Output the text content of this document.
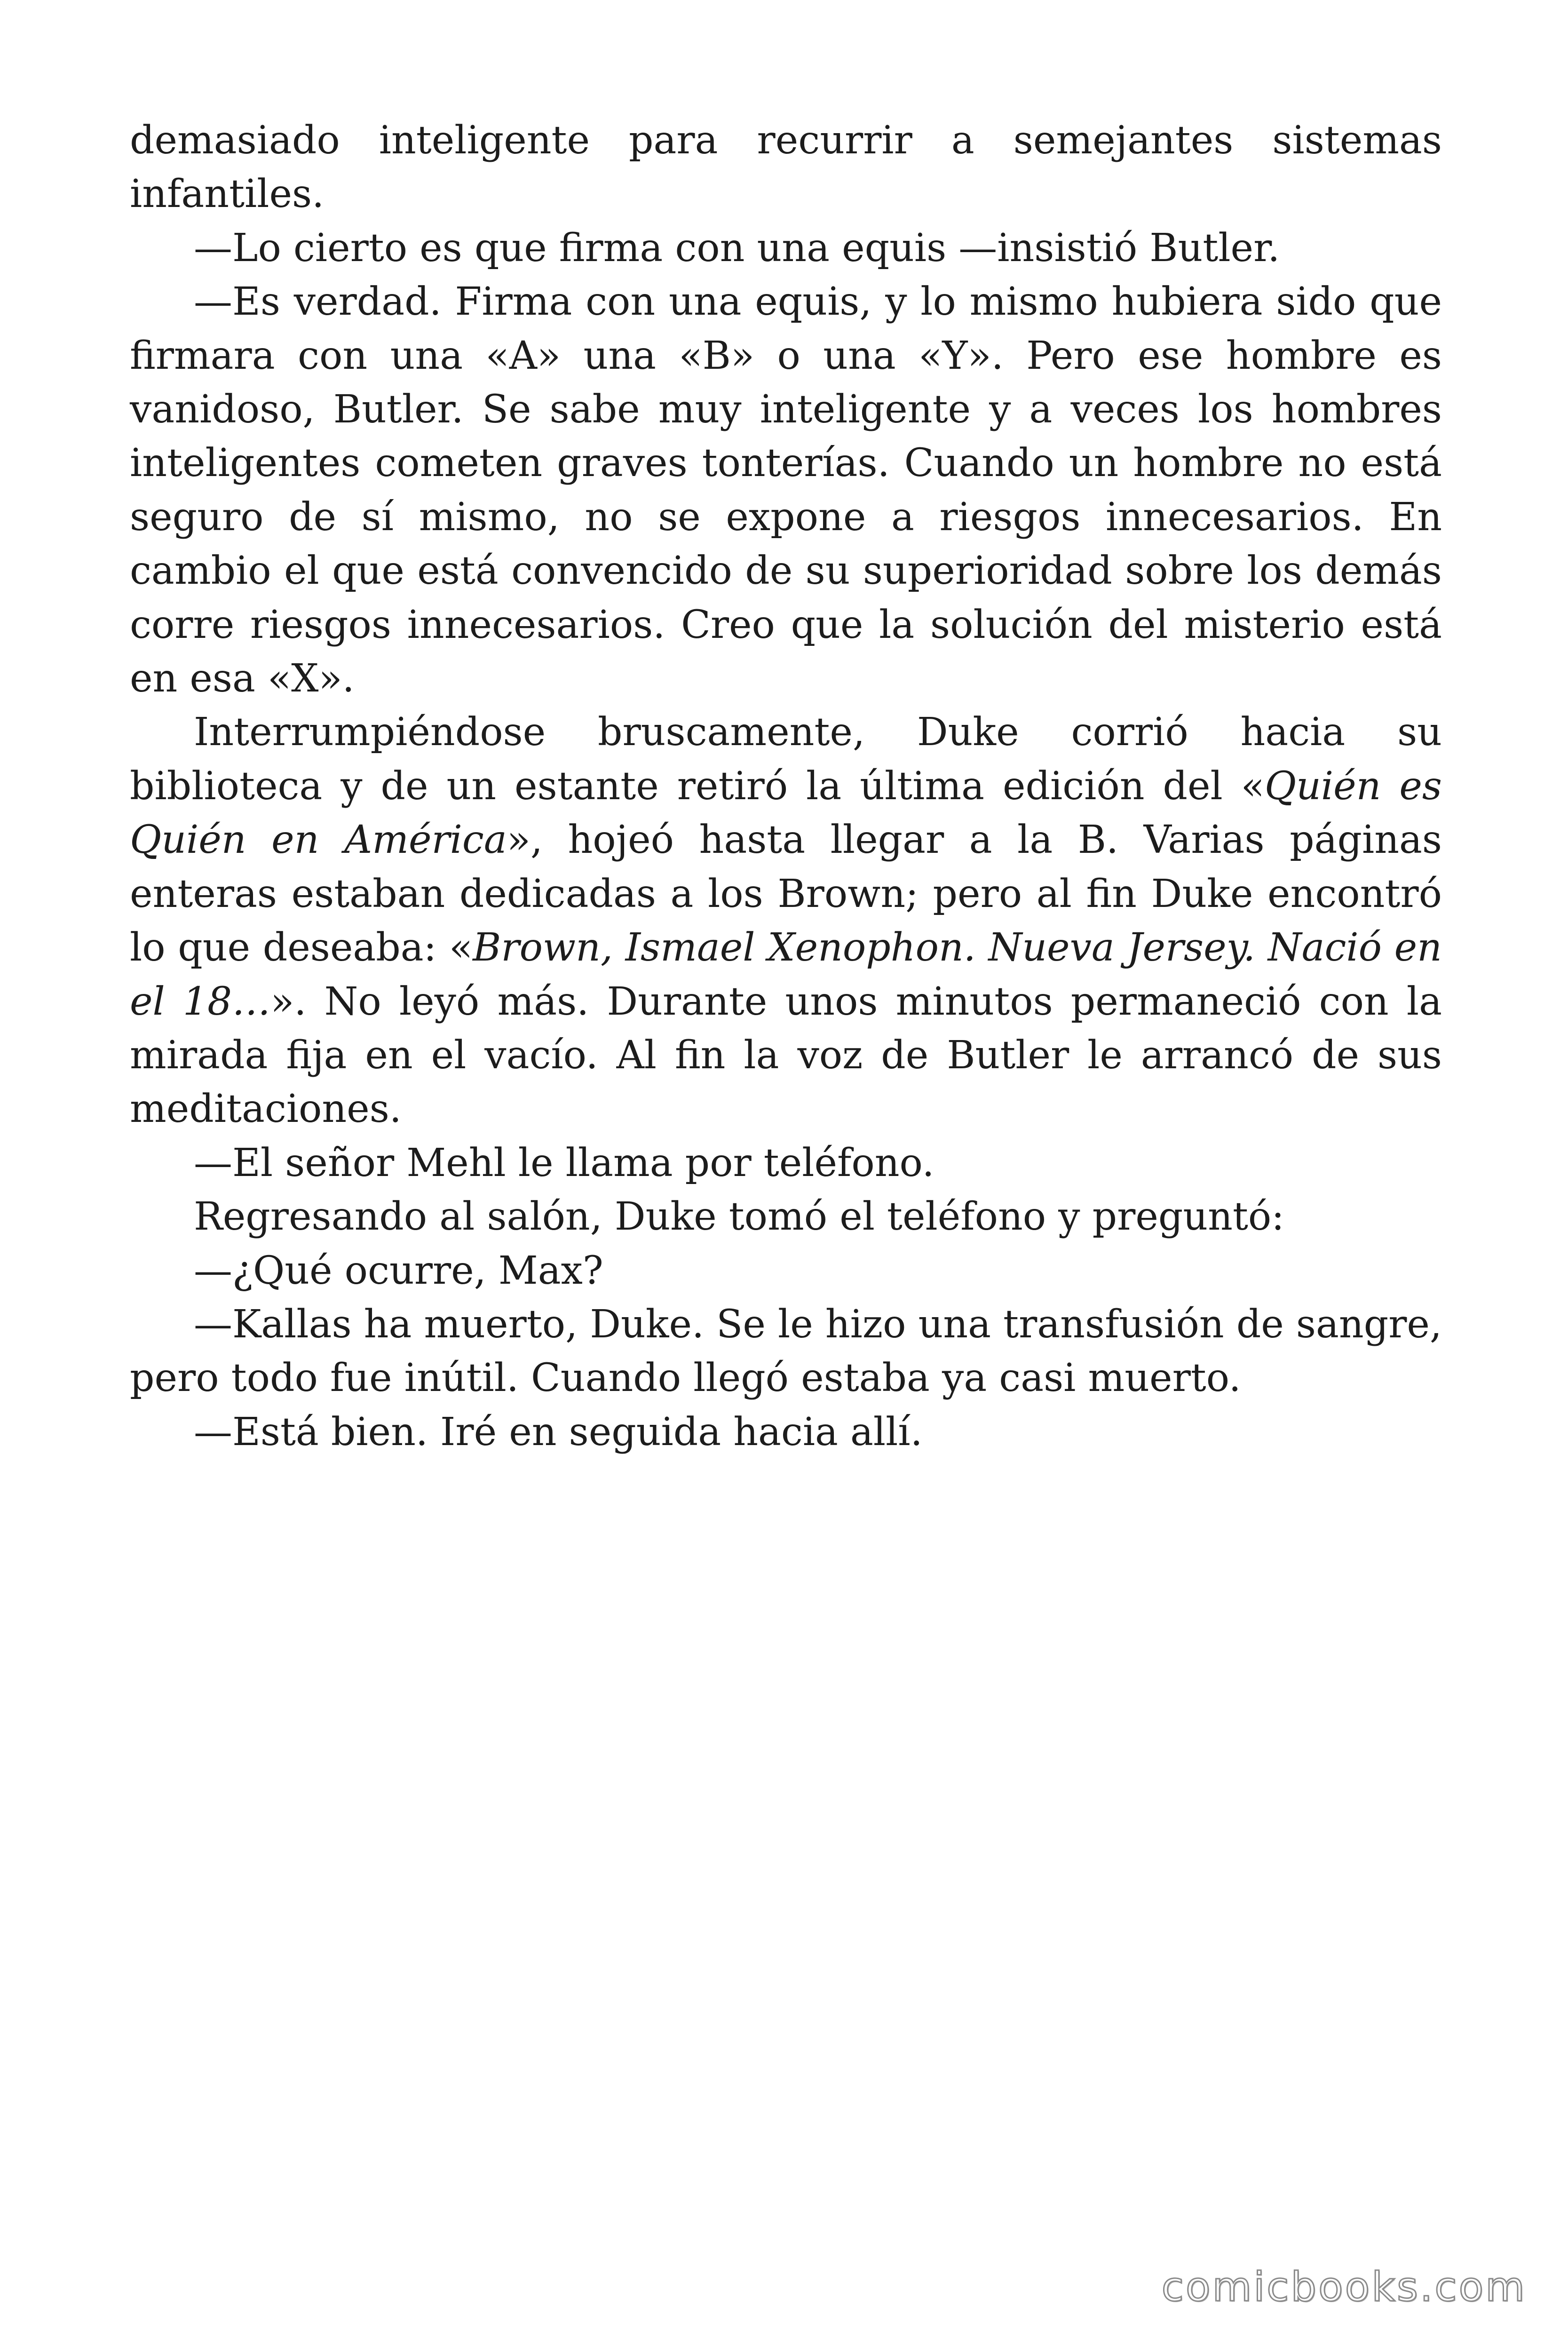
demasiado inteligente para recurrir a semejantes sistemas infantiles.

—Lo cierto es que firma con una equis —insistió Butler.

—Es verdad. Firma con una equis, y lo mismo hubiera sido que firmara con una «A» una «B» o una «Y». Pero ese hombre es vanidoso, Butler. Se sabe muy inteligente y a veces los hombres inteligentes cometen graves tonterías. Cuando un hombre no está seguro de sí mismo, no se expone a riesgos innecesarios. En cambio el que está convencido de su superioridad sobre los demás corre riesgos innecesarios. Creo que la solución del misterio está en esa «X».

Interrumpiéndose bruscamente, Duke corrió hacia su biblioteca y de un estante retiró la última edición del «Quién es Quién en América», hojeó hasta llegar a la B. Varias páginas enteras estaban dedicadas a los Brown; pero al fin Duke encontró lo que deseaba: «Brown, Ismael Xenophon. Nueva Jersey. Nació en el 18…». No leyó más. Durante unos minutos permaneció con la mirada fija en el vacío. Al fin la voz de Butler le arrancó de sus meditaciones.

—El señor Mehl le llama por teléfono.

Regresando al salón, Duke tomó el teléfono y preguntó:

—¿Qué ocurre, Max?

—Kallas ha muerto, Duke. Se le hizo una transfusión de sangre, pero todo fue inútil. Cuando llegó estaba ya casi muerto.

—Está bien. Iré en seguida hacia allí.

comicbooks.com
